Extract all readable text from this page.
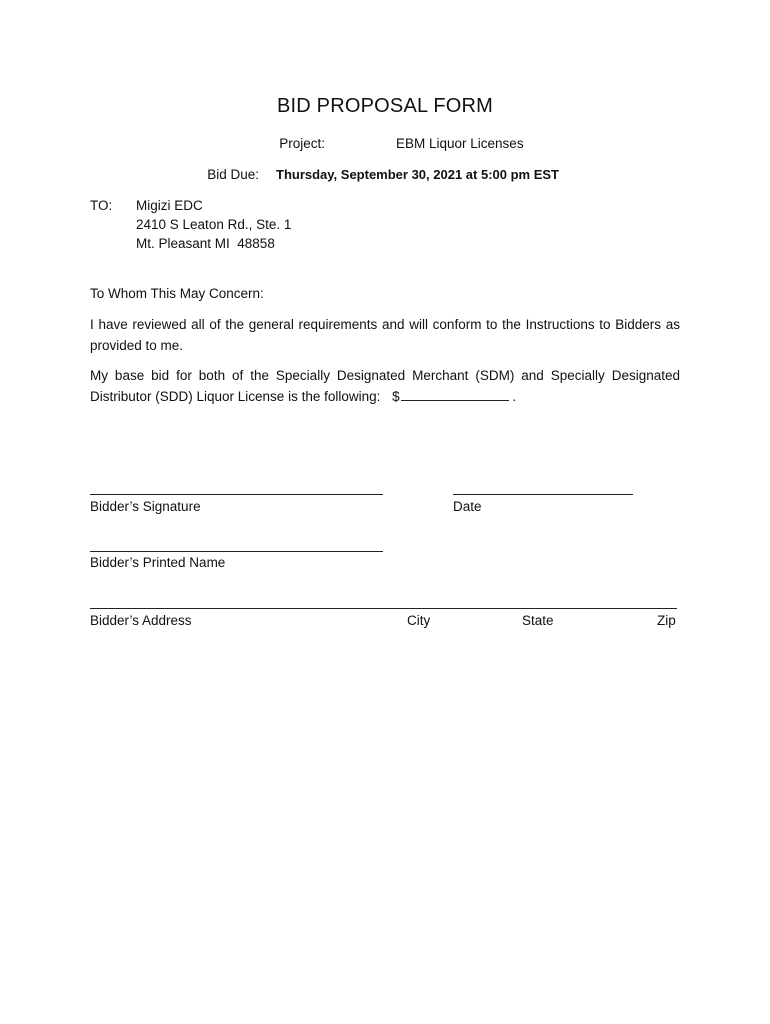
BID PROPOSAL FORM
Project:	EBM Liquor Licenses
Bid Due: Thursday, September 30, 2021 at 5:00 pm EST
TO: Migizi EDC
2410 S Leaton Rd., Ste. 1
Mt. Pleasant MI  48858
To Whom This May Concern:
I have reviewed all of the general requirements and will conform to the Instructions to Bidders as provided to me.
My base bid for both of the Specially Designated Merchant (SDM) and Specially Designated Distributor (SDD) Liquor License is the following: $	.
Bidder’s Signature	Date
Bidder’s Printed Name
Bidder’s Address	City	State	Zip
